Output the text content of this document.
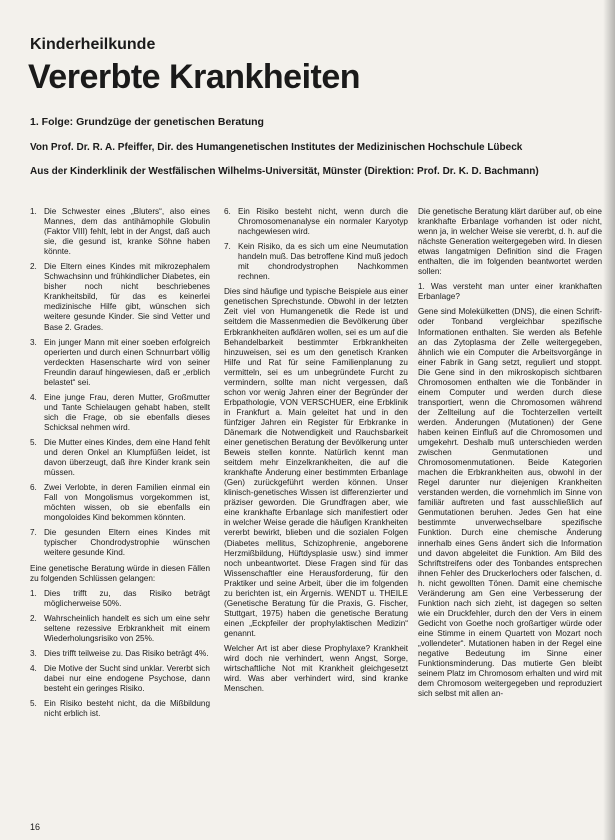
Kinderheilkunde
Vererbte Krankheiten
1. Folge: Grundzüge der genetischen Beratung
Von Prof. Dr. R. A. Pfeiffer, Dir. des Humangenetischen Institutes der Medizinischen Hochschule Lübeck
Aus der Kinderklinik der Westfälischen Wilhelms-Universität, Münster (Direktion: Prof. Dr. K. D. Bachmann)
1. Die Schwester eines „Bluters“, also eines Mannes, dem das antihämophile Globulin (Faktor VIII) fehlt, lebt in der Angst, daß auch sie, die gesund ist, kranke Söhne haben könnte.
2. Die Eltern eines Kindes mit mikrozephalem Schwachsinn und frühkindlicher Diabetes, ein bisher noch nicht beschriebenes Krankheitsbild, für das es keinerlei medizinische Hilfe gibt, wünschen sich weitere gesunde Kinder. Sie sind Vetter und Base 2. Grades.
3. Ein junger Mann mit einer soeben erfolgreich operierten und durch einen Schnurrbart völlig verdeckten Hasenscharte wird von seiner Freundin darauf hingewiesen, daß er „erblich belastet“ sei.
4. Eine junge Frau, deren Mutter, Großmutter und Tante Schielaugen gehabt haben, stellt sich die Frage, ob sie ebenfalls dieses Schicksal nehmen wird.
5. Die Mutter eines Kindes, dem eine Hand fehlt und deren Onkel an Klumpfüßen leidet, ist davon überzeugt, daß ihre Kinder krank sein müssen.
6. Zwei Verlobte, in deren Familien einmal ein Fall von Mongolismus vorgekommen ist, möchten wissen, ob sie ebenfalls ein mongoloides Kind bekommen könnten.
7. Die gesunden Eltern eines Kindes mit typischer Chondrodystrophie wünschen weitere gesunde Kind.

Eine genetische Beratung würde in diesen Fällen zu folgenden Schlüssen gelangen:

1. Dies trifft zu, das Risiko beträgt möglicherweise 50%.
2. Wahrscheinlich handelt es sich um eine sehr seltene rezessive Erbkrankheit mit einem Wiederholungsrisiko von 25%.
3. Dies trifft teilweise zu. Das Risiko beträgt 4%.
4. Die Motive der Sucht sind unklar. Vererbt sich dabei nur eine endogene Psychose, dann besteht ein geringes Risiko.
5. Ein Risiko besteht nicht, da die Mißbildung nicht erblich ist.
6. Ein Risiko besteht nicht, wenn durch die Chromosomenanalyse ein normaler Karyotyp nachgewiesen wird.
7. Kein Risiko, da es sich um eine Neumutation handeln muß. Das betroffene Kind muß jedoch mit chondrodystrophen Nachkommen rechnen.

Dies sind häufige und typische Beispiele aus einer genetischen Sprechstunde. Obwohl in der letzten Zeit viel von Humangenetik die Rede ist und seitdem die Massenmedien die Bevölkerung über Erbkrankheiten aufklären wollen, sei es um auf die Behandelbarkeit bestimmter Erbkrankheiten hinzuweisen, sei es um den genetisch Kranken Hilfe und Rat für seine Familienplanung zu vermitteln, sei es um unbegründete Furcht zu vermindern, sollte man nicht vergessen, daß schon vor wenig Jahren einer der Begründer der Erbpathologie, VON VERSCHUER, eine Erbklinik in Frankfurt a. Main geleitet hat und in den fünfziger Jahren ein Register für Erbkranke in Dänemark die Notwendigkeit und Rauchsbarkeit einer genetischen Beratung der Bevölkerung unter Beweis stellen konnte. Natürlich kennt man seitdem mehr Einzelkrankheiten, die auf die krankhafte Änderung einer bestimmten Erbanlage (Gen) zurückgeführt werden können. Unser klinisch-genetisches Wissen ist differenzierter und präziser geworden. Die Grundfragen aber, wie eine krankhafte Erbanlage sich manifestiert oder in welcher Weise gerade die häufigen Krankheiten vererbt bewirkt, blieben und die sozialen Folgen (Diabetes mellitus, Schizophrenie, angeborene Herzmißbildung, Hüftdysplasie usw.) sind immer noch unbeantwortet. Diese Fragen sind für das Wissenschaftler eine Herausforderung, für den Praktiker und seine Arbeit, über die im folgenden zu berichten ist, ein Ärgernis. WENDT u. THEILE (Genetische Beratung für die Praxis, G. Fischer, Stuttgart, 1975) haben die genetische Beratung einen „Eckpfeiler der prophylaktischen Medizin“ genannt.

Welcher Art ist aber diese Prophylaxe? Krankheit wird doch nie verhindert, wenn Angst, Sorge, wirtschaftliche Not mit Krankheit gleichgesetzt wird. Was aber verhindert wird, sind kranke Menschen.

Die genetische Beratung klärt darüber auf, ob eine krankhafte Erbanlage vorhanden ist oder nicht, wenn ja, in welcher Weise sie vererbt, d. h. auf die nächste Generation weitergegeben wird. In diesen etwas langatmigen Definition sind die Fragen enthalten, die im folgenden beantwortet werden sollen:

1. Was versteht man unter einer krankhaften Erbanlage?

Gene sind Molekülketten (DNS), die einen Schrift- oder Tonband vergleichbar spezifische Informationen enthalten. Sie werden als Befehle an das Zytoplasma der Zelle weitergegeben, ähnlich wie ein Computer die Arbeitsvorgänge in einer Fabrik in Gang setzt, reguliert und stoppt. Die Gene sind in den mikroskopisch sichtbaren Chromosomen enthalten wie die Tonbänder in einem Computer und werden durch diese transportiert, wenn die Chromosomen während der Zellteilung auf die Tochterzellen verteilt werden. Änderungen (Mutationen) der Gene haben keinen Einfluß auf die Chromosomen und umgekehrt. Deshalb muß unterschieden werden zwischen Genmutationen und Chromosomenmutationen. Beide Kategorien machen die Erbkrankheiten aus, obwohl in der Regel darunter nur diejenigen Krankheiten verstanden werden, die vornehmlich im Sinne von familiär auftreten und fast ausschließlich auf Genmutationen beruhen. Jedes Gen hat eine bestimmte unverwechselbare spezifische Funktion. Durch eine chemische Änderung innerhalb eines Gens ändert sich die Information und davon abgeleitet die Funktion. Am Bild des Schriftstreifens oder des Tonbandes entsprechen ihnen Fehler des Druckerlochers oder falschen, d. h. nicht gewollten Tönen. Damit eine chemische Veränderung am Gen eine Verbesserung der Funktion nach sich zieht, ist dagegen so selten wie ein Druckfehler, durch den der Vers in einem Gedicht von Goethe noch großartiger würde oder eine Stimme in einem Quartett von Mozart noch „vollendeter“. Mutationen haben in der Regel eine negative Bedeutung im Sinne einer Funktionsminderung. Das mutierte Gen bleibt seinem Platz im Chromosom erhalten und wird mit dem Chromosom weitergegeben und reproduziert sich selbst mit allen an-

16
